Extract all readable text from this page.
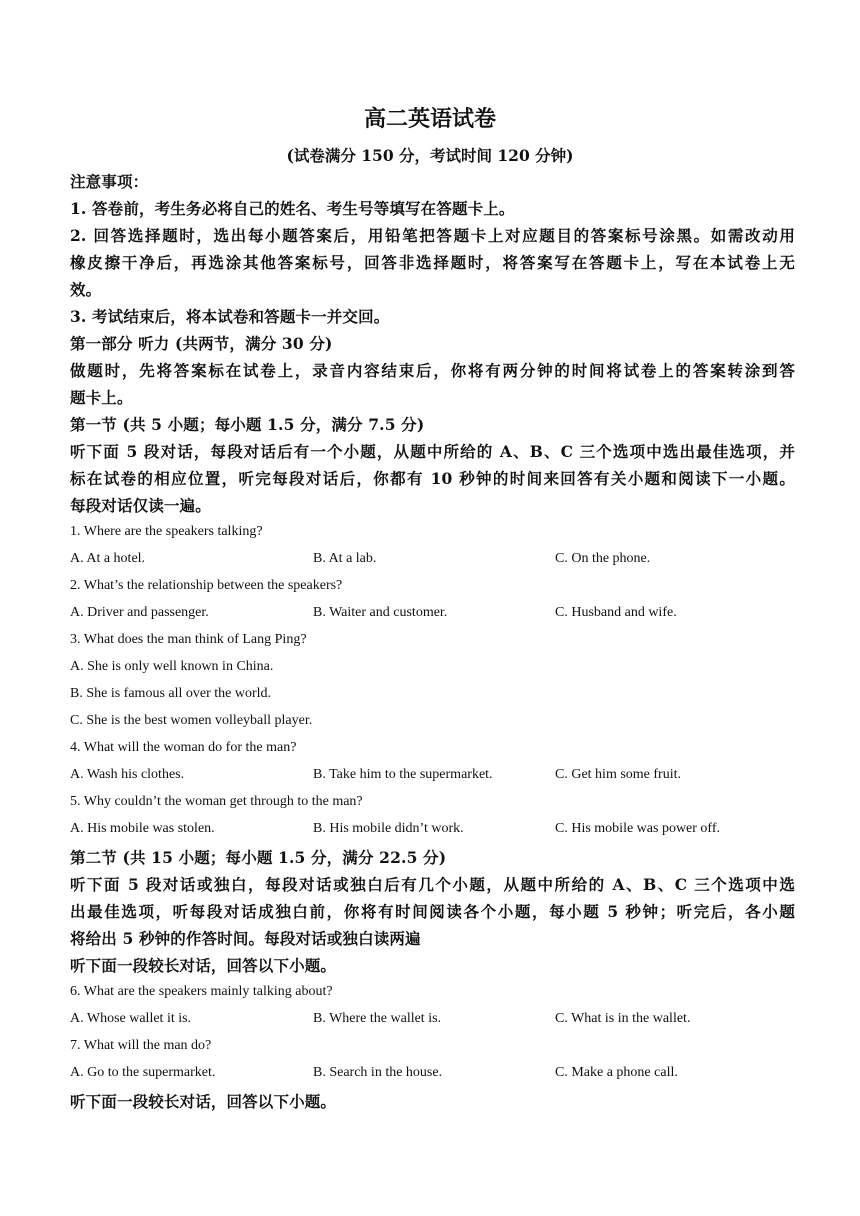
高二英语试卷
(试卷满分 150 分，考试时间 120 分钟)
注意事项：
1. 答卷前，考生务必将自己的姓名、考生号等填写在答题卡上。
2. 回答选择题时，选出每小题答案后，用铅笔把答题卡上对应题目的答案标号涂黑。如需改动用
橡皮擦干净后，再选涂其他答案标号，回答非选择题时，将答案写在答题卡上，写在本试卷上无
效。
3. 考试结束后，将本试卷和答题卡一并交回。
第一部分 听力 (共两节，满分 30 分)
做题时，先将答案标在试卷上，录音内容结束后，你将有两分钟的时间将试卷上的答案转涂到答
题卡上。
第一节 (共 5 小题；每小题 1.5 分，满分 7.5 分)
听下面 5 段对话，每段对话后有一个小题，从题中所给的 A、B、C 三个选项中选出最佳选项，并
标在试卷的相应位置，听完每段对话后，你都有 10 秒钟的时间来回答有关小题和阅读下一小题。
每段对话仅读一遍。
1. Where are the speakers talking?
A. At a hotel.	B. At a lab.	C. On the phone.
2. What’s the relationship between the speakers?
A. Driver and passenger.	B. Waiter and customer.	C. Husband and wife.
3. What does the man think of Lang Ping?
A. She is only well known in China.
B. She is famous all over the world.
C. She is the best women volleyball player.
4. What will the woman do for the man?
A. Wash his clothes.	B. Take him to the supermarket.	C. Get him some fruit.
5. Why couldn’t the woman get through to the man?
A. His mobile was stolen.	B. His mobile didn’t work.	C. His mobile was power off.
第二节 (共 15 小题；每小题 1.5 分，满分 22.5 分)
听下面 5 段对话或独白，每段对话或独白后有几个小题，从题中所给的 A、B、C 三个选项中选
出最佳选项，听每段对话成独白前，你将有时间阅读各个小题，每小题 5 秒钟；听完后，各小题
将给出 5 秒钟的作答时间。每段对话或独白读两遍
听下面一段较长对话，回答以下小题。
6. What are the speakers mainly talking about?
A. Whose wallet it is.	B. Where the wallet is.	C. What is in the wallet.
7. What will the man do?
A. Go to the supermarket.	B. Search in the house.	C. Make a phone call.
听下面一段较长对话，回答以下小题。
